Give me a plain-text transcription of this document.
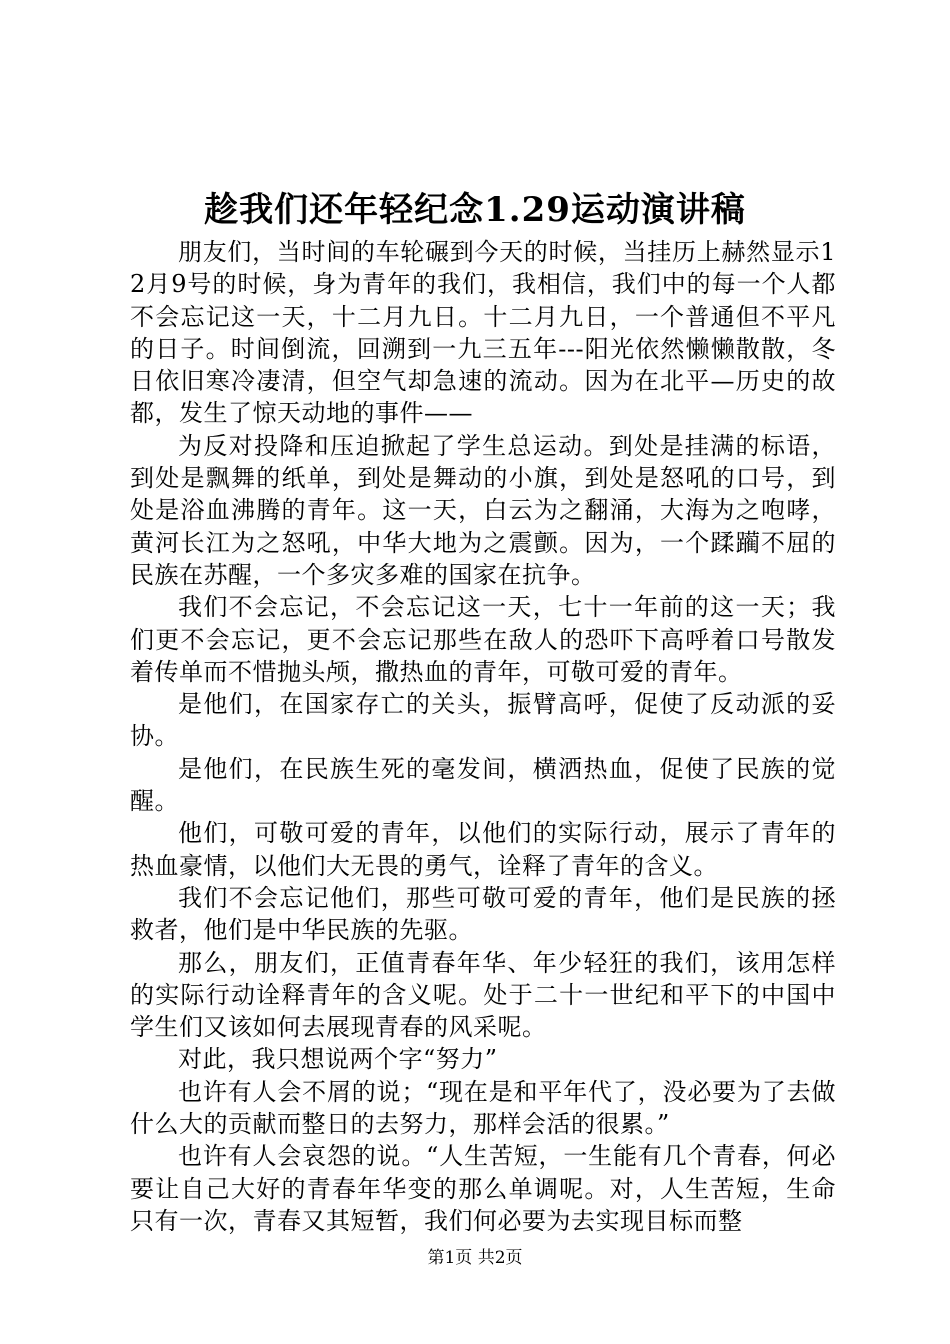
趁我们还年轻纪念1.29运动演讲稿

朋友们，当时间的车轮碾到今天的时候，当挂历上赫然显示12月9号的时候，身为青年的我们，我相信，我们中的每一个人都不会忘记这一天，十二月九日。十二月九日，一个普通但不平凡的日子。时间倒流，回溯到一九三五年---阳光依然懒懒散散，冬日依旧寒冷凄清，但空气却急速的流动。因为在北平—历史的故都，发生了惊天动地的事件——

为反对投降和压迫掀起了学生总运动。到处是挂满的标语，到处是飘舞的纸单，到处是舞动的小旗，到处是怒吼的口号，到处是浴血沸腾的青年。这一天，白云为之翻涌，大海为之咆哮，黄河长江为之怒吼，中华大地为之震颤。因为，一个蹂躏不屈的民族在苏醒，一个多灾多难的国家在抗争。

我们不会忘记，不会忘记这一天，七十一年前的这一天；我们更不会忘记，更不会忘记那些在敌人的恐吓下高呼着口号散发着传单而不惜抛头颅，撒热血的青年，可敬可爱的青年。

是他们，在国家存亡的关头，振臂高呼，促使了反动派的妥协。

是他们，在民族生死的毫发间，横洒热血，促使了民族的觉醒。

他们，可敬可爱的青年，以他们的实际行动，展示了青年的热血豪情，以他们大无畏的勇气，诠释了青年的含义。

我们不会忘记他们，那些可敬可爱的青年，他们是民族的拯救者，他们是中华民族的先驱。

那么，朋友们，正值青春年华、年少轻狂的我们，该用怎样的实际行动诠释青年的含义呢。处于二十一世纪和平下的中国中学生们又该如何去展现青春的风采呢。

对此，我只想说两个字“努力”

也许有人会不屑的说；“现在是和平年代了，没必要为了去做什么大的贡献而整日的去努力，那样会活的很累。”

也许有人会哀怨的说。“人生苦短，一生能有几个青春，何必要让自己大好的青春年华变的那么单调呢。对，人生苦短，生命只有一次，青春又其短暂，我们何必要为去实现目标而整

第1页 共2页
